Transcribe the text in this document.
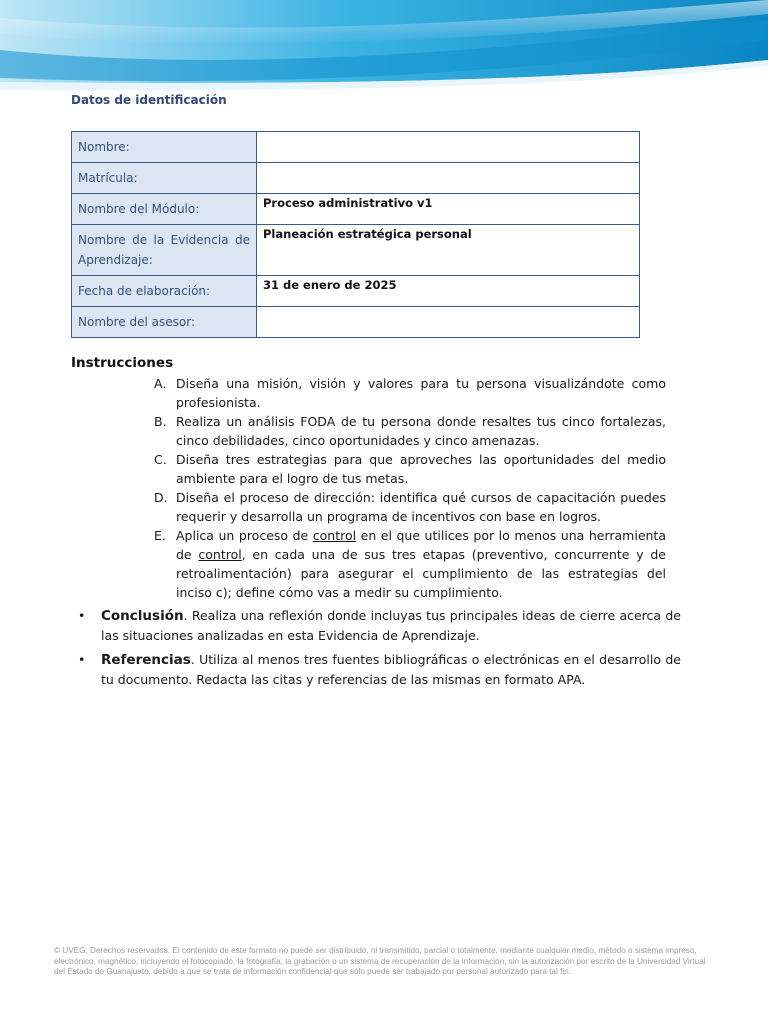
Datos de identificación
Nombre:	
Matrícula:	
Nombre del Módulo:	Proceso administrativo v1
Nombre de la Evidencia de Aprendizaje:	Planeación estratégica personal
Fecha de elaboración:	31 de enero de 2025
Nombre del asesor:	
Instrucciones
A. Diseña una misión, visión y valores para tu persona visualizándote como profesionista.
B. Realiza un análisis FODA de tu persona donde resaltes tus cinco fortalezas, cinco debilidades, cinco oportunidades y cinco amenazas.
C. Diseña tres estrategias para que aproveches las oportunidades del medio ambiente para el logro de tus metas.
D. Diseña el proceso de dirección: identifica qué cursos de capacitación puedes requerir y desarrolla un programa de incentivos con base en logros.
E. Aplica un proceso de control en el que utilices por lo menos una herramienta de control, en cada una de sus tres etapas (preventivo, concurrente y de retroalimentación) para asegurar el cumplimiento de las estrategias del inciso c); define cómo vas a medir su cumplimiento.
• Conclusión. Realiza una reflexión donde incluyas tus principales ideas de cierre acerca de las situaciones analizadas en esta Evidencia de Aprendizaje.
• Referencias. Utiliza al menos tres fuentes bibliográficas o electrónicas en el desarrollo de tu documento. Redacta las citas y referencias de las mismas en formato APA.
© UVEG. Derechos reservados. El contenido de este formato no puede ser distribuido, ni transmitido, parcial o totalmente, mediante cualquier medio, método o sistema impreso, electrónico, magnético, incluyendo el fotocopiado, la fotografía, la grabación o un sistema de recuperación de la información, sin la autorización por escrito de la Universidad Virtual del Estado de Guanajuato, debido a que se trata de información confidencial que sólo puede ser trabajado por personal autorizado para tal fin.
